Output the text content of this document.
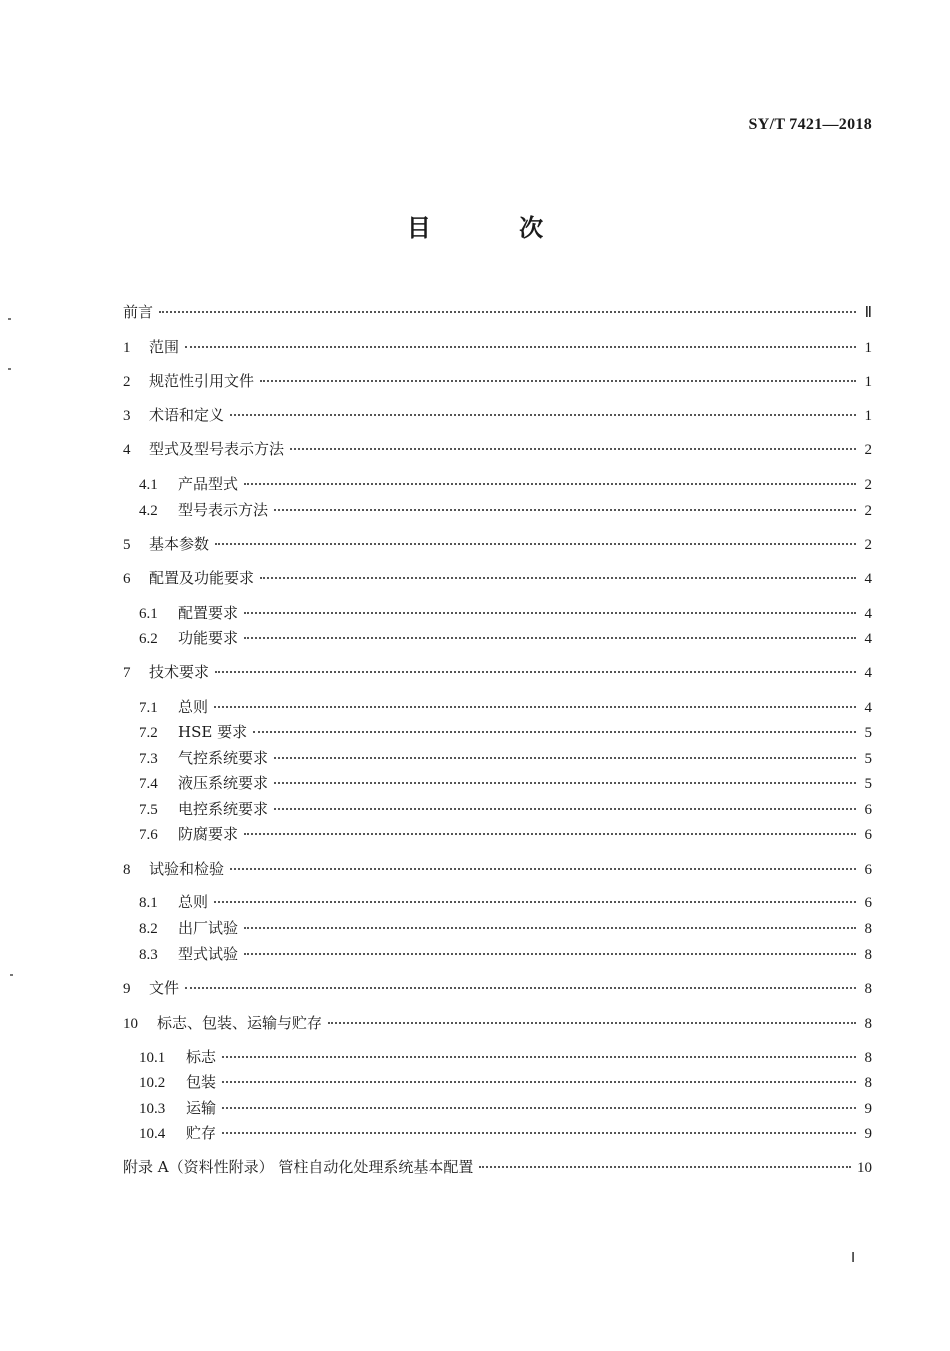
SY/T 7421—2018
目 次
前言	Ⅱ
1	范围	1
2	规范性引用文件	1
3	术语和定义	1
4	型式及型号表示方法	2
4.1	产品型式	2
4.2	型号表示方法	2
5	基本参数	2
6	配置及功能要求	4
6.1	配置要求	4
6.2	功能要求	4
7	技术要求	4
7.1	总则	4
7.2	HSE 要求	5
7.3	气控系统要求	5
7.4	液压系统要求	5
7.5	电控系统要求	6
7.6	防腐要求	6
8	试验和检验	6
8.1	总则	6
8.2	出厂试验	8
8.3	型式试验	8
9	文件	8
10	标志、包装、运输与贮存	8
10.1	标志	8
10.2	包装	8
10.3	运输	9
10.4	贮存	9
附录 A（资料性附录） 管柱自动化处理系统基本配置	10
Ⅰ
